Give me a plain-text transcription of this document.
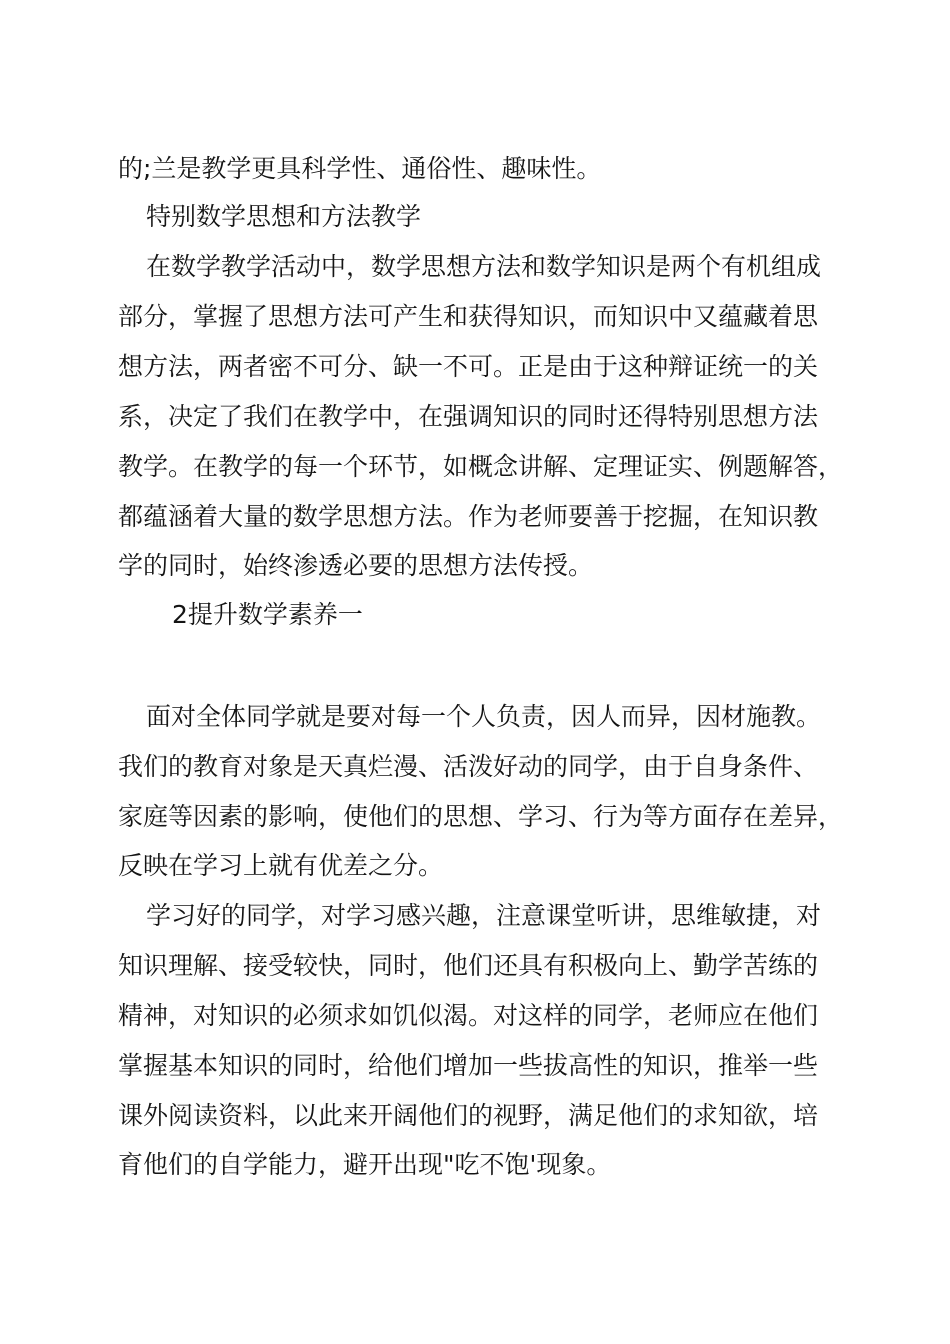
的;兰是教学更具科学性、通俗性、趣味性。

特别数学思想和方法教学

在数学教学活动中，数学思想方法和数学知识是两个有机组成

部分，掌握了思想方法可产生和获得知识，而知识中又蕴藏着思

想方法，两者密不可分、缺一不可。正是由于这种辩证统一的关

系，决定了我们在教学中，在强调知识的同时还得特别思想方法

教学。在教学的每一个环节，如概念讲解、定理证实、例题解答，

都蕴涵着大量的数学思想方法。作为老师要善于挖掘，在知识教

学的同时，始终渗透必要的思想方法传授。

2提升数学素养一

面对全体同学就是要对每一个人负责，因人而异，因材施教。

我们的教育对象是天真烂漫、活泼好动的同学，由于自身条件、

家庭等因素的影响，使他们的思想、学习、行为等方面存在差异，

反映在学习上就有优差之分。

学习好的同学，对学习感兴趣，注意课堂听讲，思维敏捷，对

知识理解、接受较快，同时，他们还具有积极向上、勤学苦练的

精神，对知识的必须求如饥似渴。对这样的同学，老师应在他们

掌握基本知识的同时，给他们增加一些拔高性的知识，推举一些

课外阅读资料，以此来开阔他们的视野，满足他们的求知欲，培

育他们的自学能力，避开出现"吃不饱'现象。
